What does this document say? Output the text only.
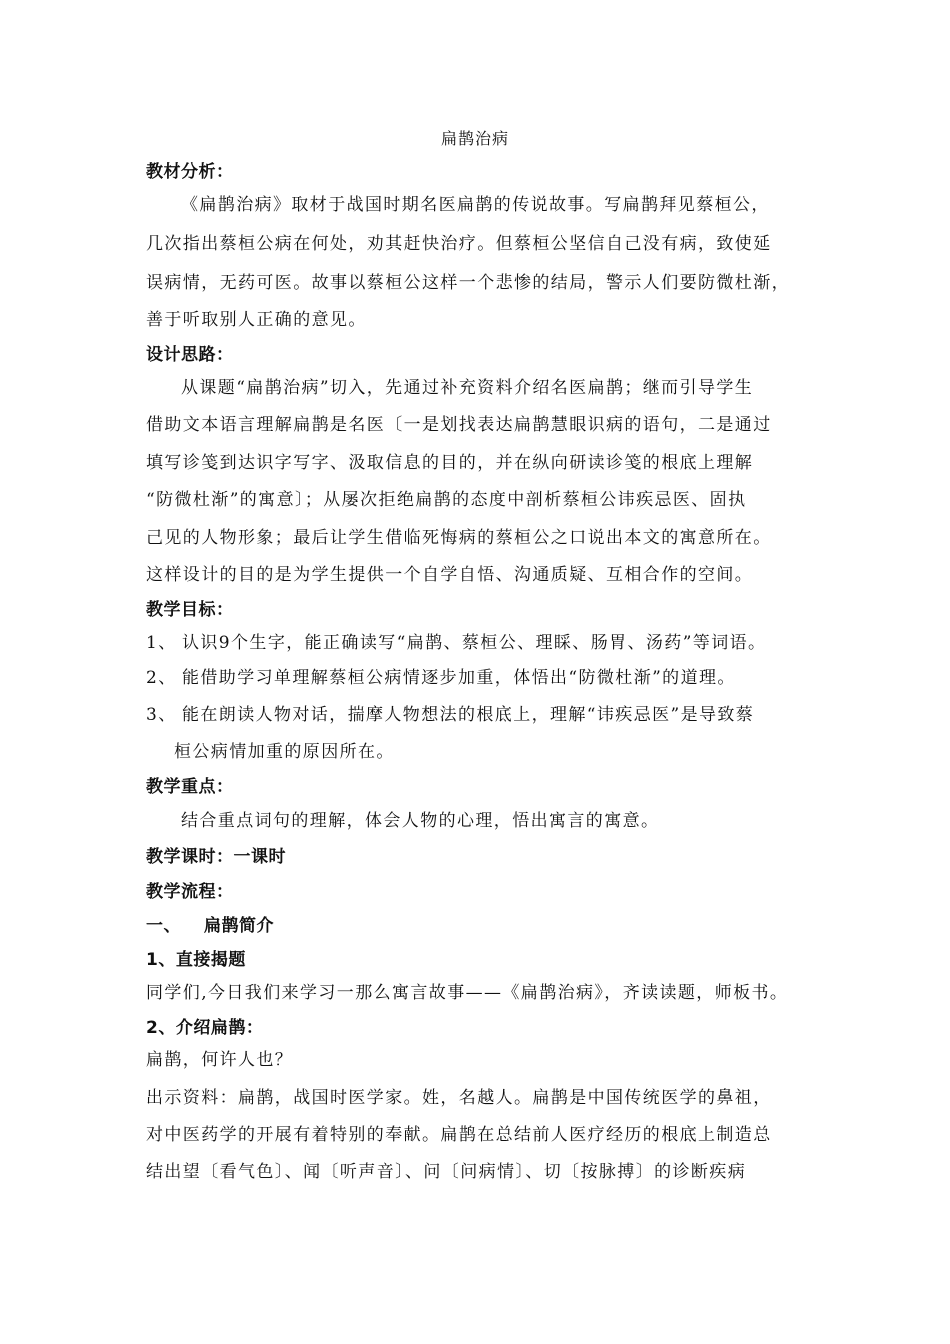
扁鹊治病
教材分析：
《扁鹊治病》取材于战国时期名医扁鹊的传说故事。写扁鹊拜见蔡桓公，
几次指出蔡桓公病在何处，劝其赶快治疗。但蔡桓公坚信自己没有病，致使延
误病情，无药可医。故事以蔡桓公这样一个悲惨的结局，警示人们要防微杜渐，
善于听取别人正确的意见。
设计思路：
从课题“扁鹊治病”切入，先通过补充资料介绍名医扁鹊；继而引导学生
借助文本语言理解扁鹊是名医〔一是划找表达扁鹊慧眼识病的语句，二是通过
填写诊笺到达识字写字、汲取信息的目的，并在纵向研读诊笺的根底上理解
“防微杜渐”的寓意〕；从屡次拒绝扁鹊的态度中剖析蔡桓公讳疾忌医、固执
己见的人物形象；最后让学生借临死悔病的蔡桓公之口说出本文的寓意所在。
这样设计的目的是为学生提供一个自学自悟、沟通质疑、互相合作的空间。
教学目标：
1、 认识9个生字，能正确读写“扁鹊、蔡桓公、理睬、肠胃、汤药”等词语。
2、 能借助学习单理解蔡桓公病情逐步加重，体悟出“防微杜渐”的道理。
3、 能在朗读人物对话，揣摩人物想法的根底上，理解“讳疾忌医”是导致蔡
桓公病情加重的原因所在。
教学重点：
结合重点词句的理解，体会人物的心理，悟出寓言的寓意。
教学课时：一课时
教学流程：
一、 扁鹊简介
1、直接揭题
同学们,今日我们来学习一那么寓言故事——《扁鹊治病》，齐读读题，师板书。
2、介绍扁鹊：
扁鹊，何许人也？
出示资料：扁鹊，战国时医学家。姓，名越人。扁鹊是中国传统医学的鼻祖，
对中医药学的开展有着特别的奉献。扁鹊在总结前人医疗经历的根底上制造总
结出望〔看气色〕、闻〔听声音〕、问〔问病情〕、切〔按脉搏〕的诊断疾病
